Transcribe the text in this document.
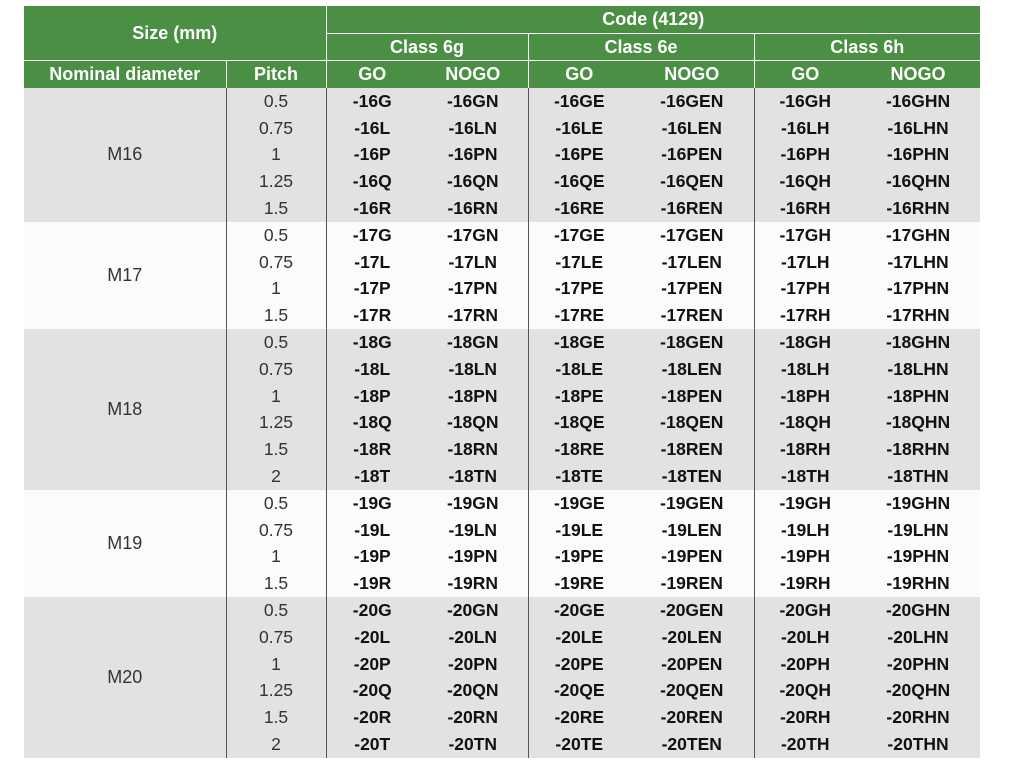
Size (mm)		Code (4129)					
		Class 6g		Class 6e		Class 6h	
Nominal diameter	Pitch	GO	NOGO	GO	NOGO	GO	NOGO
M16	0.5	-16G	-16GN	-16GE	-16GEN	-16GH	-16GHN
	0.75	-16L	-16LN	-16LE	-16LEN	-16LH	-16LHN
	1	-16P	-16PN	-16PE	-16PEN	-16PH	-16PHN
	1.25	-16Q	-16QN	-16QE	-16QEN	-16QH	-16QHN
	1.5	-16R	-16RN	-16RE	-16REN	-16RH	-16RHN
M17	0.5	-17G	-17GN	-17GE	-17GEN	-17GH	-17GHN
	0.75	-17L	-17LN	-17LE	-17LEN	-17LH	-17LHN
	1	-17P	-17PN	-17PE	-17PEN	-17PH	-17PHN
	1.5	-17R	-17RN	-17RE	-17REN	-17RH	-17RHN
M18	0.5	-18G	-18GN	-18GE	-18GEN	-18GH	-18GHN
	0.75	-18L	-18LN	-18LE	-18LEN	-18LH	-18LHN
	1	-18P	-18PN	-18PE	-18PEN	-18PH	-18PHN
	1.25	-18Q	-18QN	-18QE	-18QEN	-18QH	-18QHN
	1.5	-18R	-18RN	-18RE	-18REN	-18RH	-18RHN
	2	-18T	-18TN	-18TE	-18TEN	-18TH	-18THN
M19	0.5	-19G	-19GN	-19GE	-19GEN	-19GH	-19GHN
	0.75	-19L	-19LN	-19LE	-19LEN	-19LH	-19LHN
	1	-19P	-19PN	-19PE	-19PEN	-19PH	-19PHN
	1.5	-19R	-19RN	-19RE	-19REN	-19RH	-19RHN
M20	0.5	-20G	-20GN	-20GE	-20GEN	-20GH	-20GHN
	0.75	-20L	-20LN	-20LE	-20LEN	-20LH	-20LHN
	1	-20P	-20PN	-20PE	-20PEN	-20PH	-20PHN
	1.25	-20Q	-20QN	-20QE	-20QEN	-20QH	-20QHN
	1.5	-20R	-20RN	-20RE	-20REN	-20RH	-20RHN
	2	-20T	-20TN	-20TE	-20TEN	-20TH	-20THN
